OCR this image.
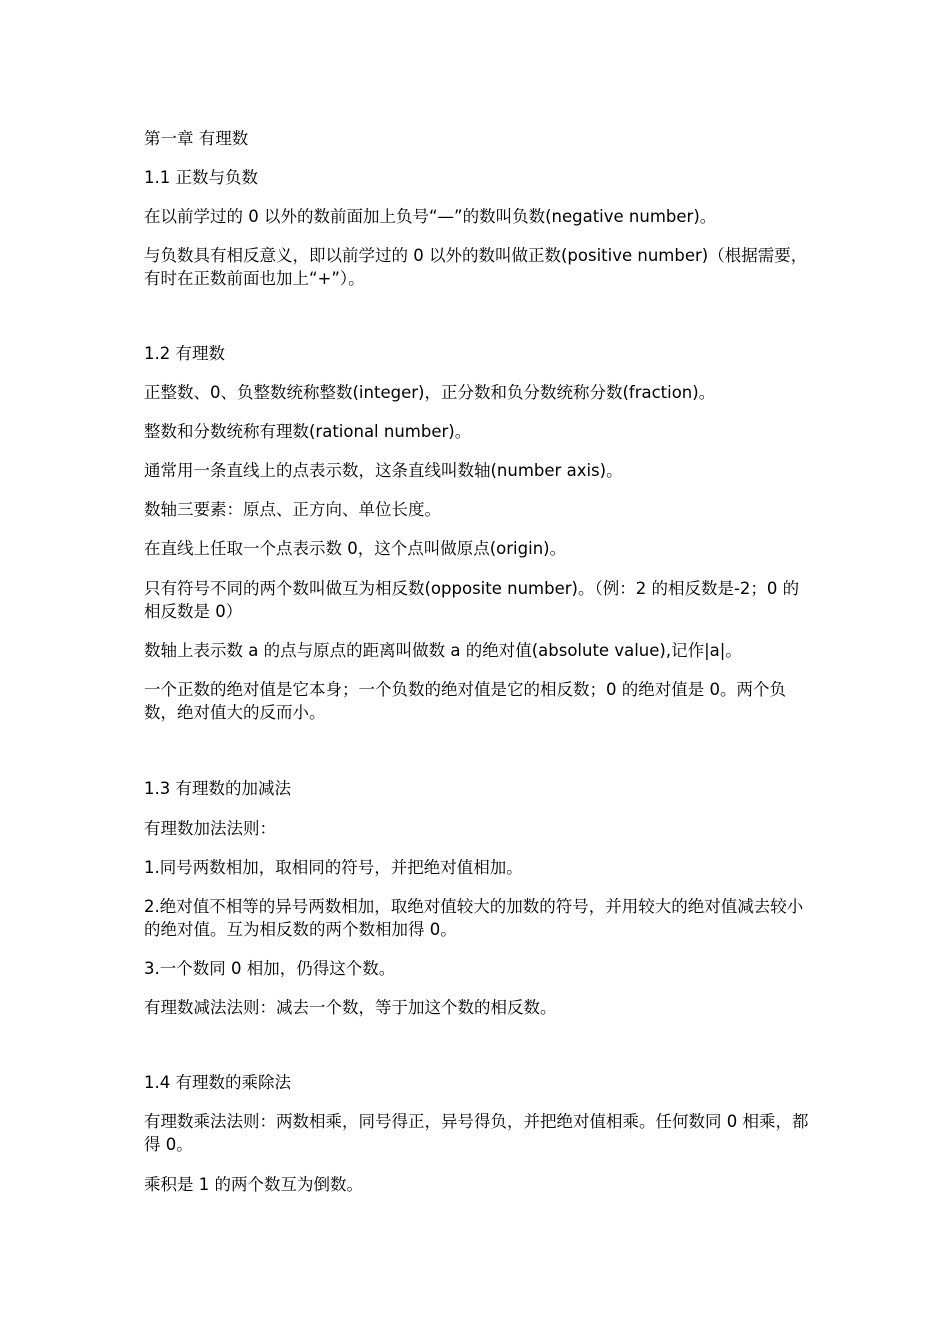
第一章 有理数
1.1 正数与负数
在以前学过的 0 以外的数前面加上负号“—”的数叫负数(negative number)。
与负数具有相反意义，即以前学过的 0 以外的数叫做正数(positive number)（根据需要，有时在正数前面也加上“+”）。
1.2 有理数
正整数、0、负整数统称整数(integer)，正分数和负分数统称分数(fraction)。
整数和分数统称有理数(rational number)。
通常用一条直线上的点表示数，这条直线叫数轴(number axis)。
数轴三要素：原点、正方向、单位长度。
在直线上任取一个点表示数 0，这个点叫做原点(origin)。
只有符号不同的两个数叫做互为相反数(opposite number)。（例：2 的相反数是-2；0 的相反数是 0）
数轴上表示数 a 的点与原点的距离叫做数 a 的绝对值(absolute value),记作|a|。
一个正数的绝对值是它本身；一个负数的绝对值是它的相反数；0 的绝对值是 0。两个负数，绝对值大的反而小。
1.3 有理数的加减法
有理数加法法则：
1.同号两数相加，取相同的符号，并把绝对值相加。
2.绝对值不相等的异号两数相加，取绝对值较大的加数的符号，并用较大的绝对值减去较小的绝对值。互为相反数的两个数相加得 0。
3.一个数同 0 相加，仍得这个数。
有理数减法法则：减去一个数，等于加这个数的相反数。
1.4 有理数的乘除法
有理数乘法法则：两数相乘，同号得正，异号得负，并把绝对值相乘。任何数同 0 相乘，都得 0。
乘积是 1 的两个数互为倒数。
